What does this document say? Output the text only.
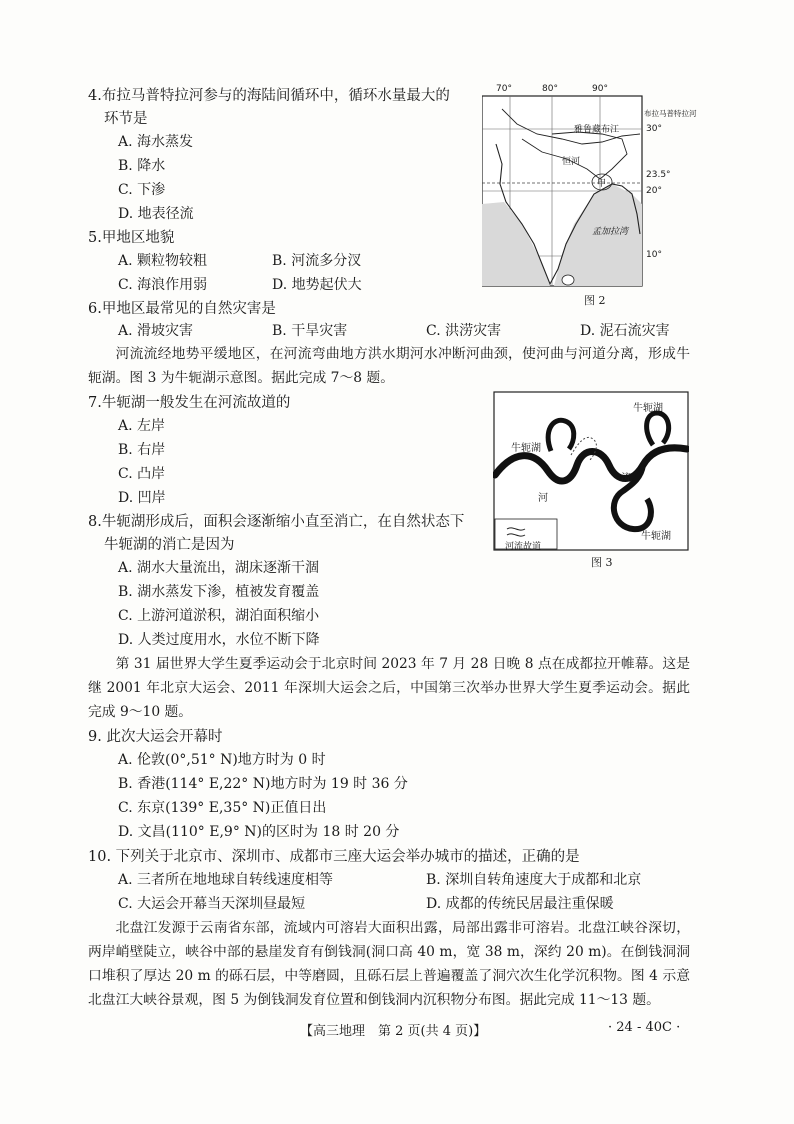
4.布拉马普特拉河参与的海陆间循环中，循环水量最大的
环节是
A. 海水蒸发
B. 降水
C. 下渗
D. 地表径流
5.甲地区地貌
A. 颗粒物较粗	B. 河流多分汊
C. 海浪作用弱	D. 地势起伏大
6.甲地区最常见的自然灾害是
A. 滑坡灾害	B. 干旱灾害	C. 洪涝灾害	D. 泥石流灾害
河流流经地势平缓地区，在河流弯曲地方洪水期河水冲断河曲颈，使河曲与河道分离，形成牛轭湖。图 3 为牛轭湖示意图。据此完成 7～8 题。
7.牛轭湖一般发生在河流故道的
A. 左岸
B. 右岸
C. 凸岸
D. 凹岸
8.牛轭湖形成后，面积会逐渐缩小直至消亡，在自然状态下
牛轭湖的消亡是因为
A. 湖水大量流出，湖床逐渐干涸
B. 湖水蒸发下渗，植被发育覆盖
C. 上游河道淤积，湖泊面积缩小
D. 人类过度用水，水位不断下降
第 31 届世界大学生夏季运动会于北京时间 2023 年 7 月 28 日晚 8 点在成都拉开帷幕。这是继 2001 年北京大运会、2011 年深圳大运会之后，中国第三次举办世界大学生夏季运动会。据此完成 9～10 题。
9. 此次大运会开幕时
A. 伦敦(0°,51° N)地方时为 0 时
B. 香港(114° E,22° N)地方时为 19 时 36 分
C. 东京(139° E,35° N)正值日出
D. 文昌(110° E,9° N)的区时为 18 时 20 分
10. 下列关于北京市、深圳市、成都市三座大运会举办城市的描述，正确的是
A. 三者所在地地球自转线速度相等	B. 深圳自转角速度大于成都和北京
C. 大运会开幕当天深圳昼最短	D. 成都的传统民居最注重保暖
北盘江发源于云南省东部，流域内可溶岩大面积出露，局部出露非可溶岩。北盘江峡谷深切，两岸峭壁陡立，峡谷中部的悬崖发育有倒钱洞(洞口高 40 m，宽 38 m，深约 20 m)。在倒钱洞洞口堆积了厚达 20 m 的砾石层，中等磨圆，且砾石层上普遍覆盖了洞穴次生化学沉积物。图 4 示意北盘江大峡谷景观，图 5 为倒钱洞发育位置和倒钱洞内沉积物分布图。据此完成 11～13 题。
70°	80°	90°
30°
23.5°
20°
10°
雅鲁藏布江
布拉马普特拉河
恒河
甲
孟加拉湾
图 2
牛轭湖
牛轭湖
牛轭湖
河
流
河流故道
图 3
【高三地理　第 2 页(共 4 页)】	· 24 - 40C ·
